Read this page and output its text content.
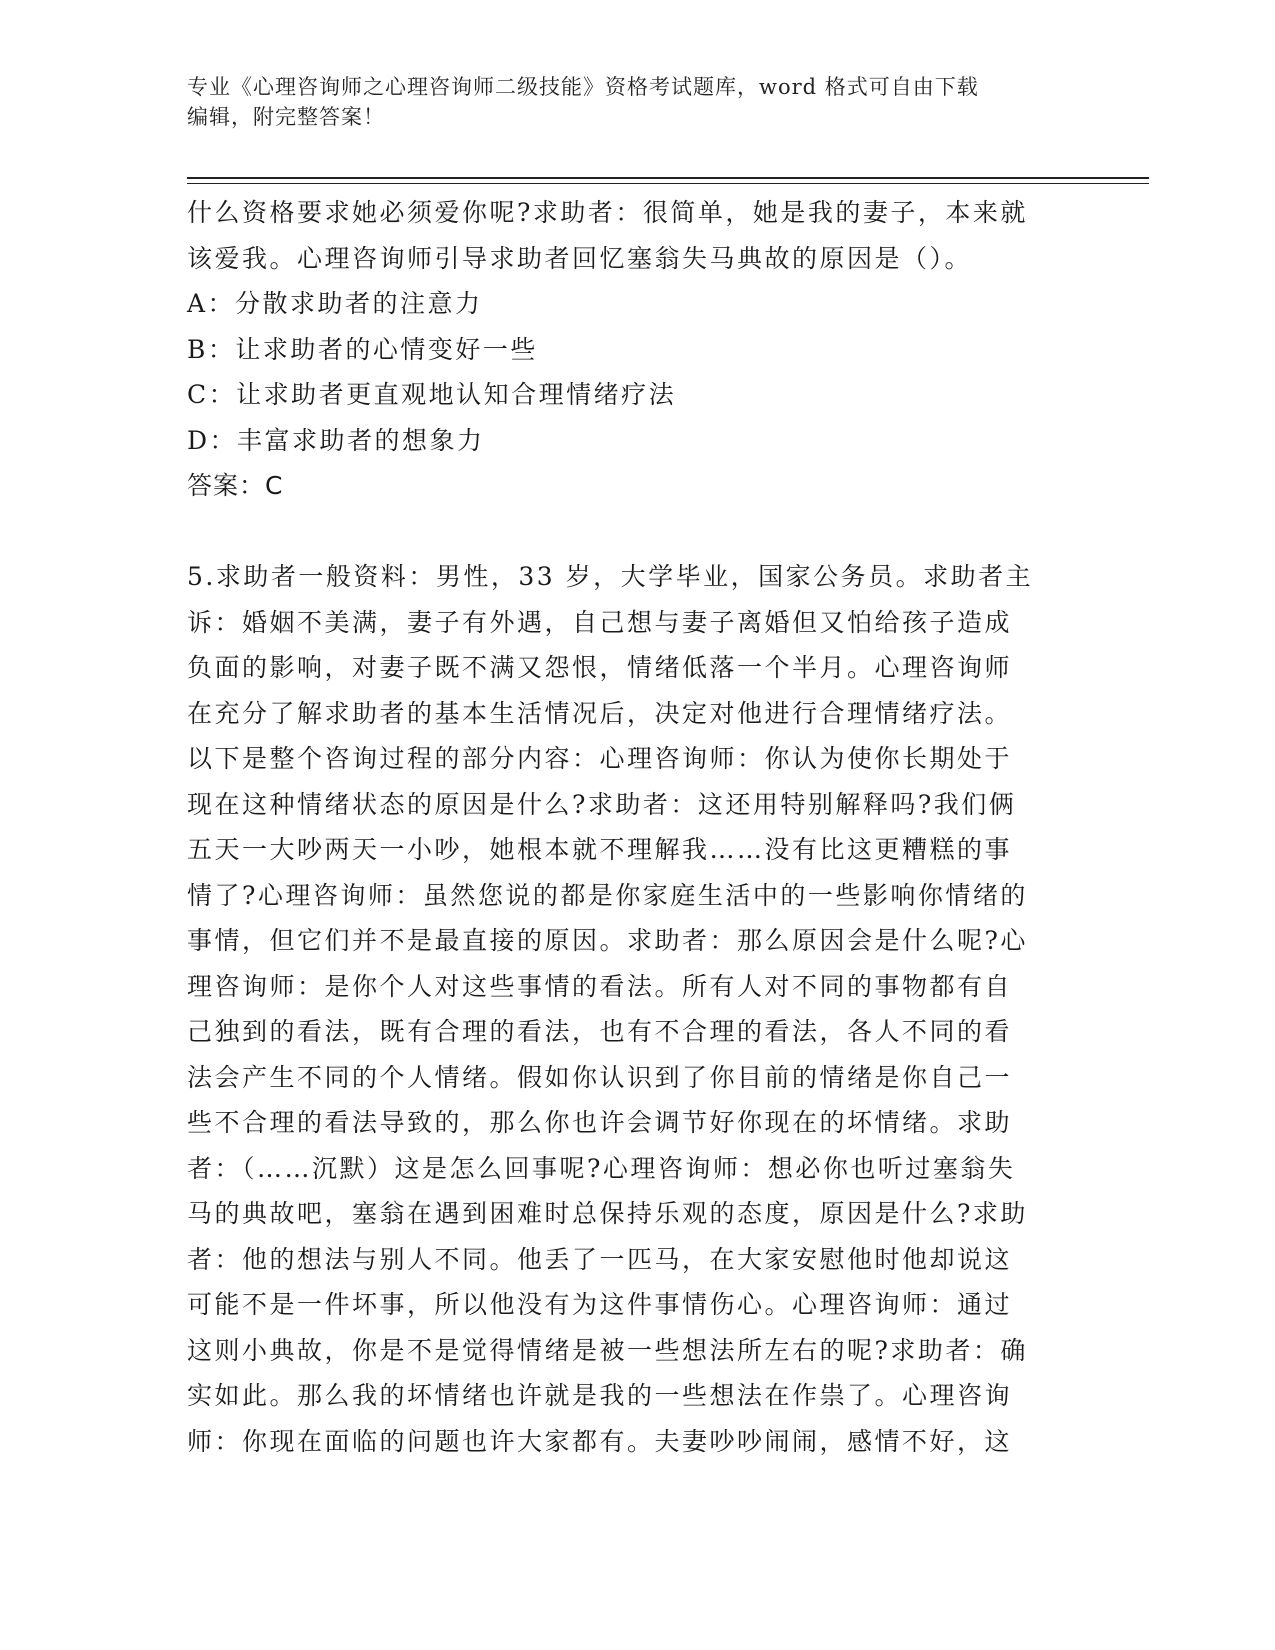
专业《心理咨询师之心理咨询师二级技能》资格考试题库，word 格式可自由下载
编辑，附完整答案！

什么资格要求她必须爱你呢?求助者：很简单，她是我的妻子，本来就

该爱我。心理咨询师引导求助者回忆塞翁失马典故的原因是（）。

A：分散求助者的注意力

B：让求助者的心情变好一些

C：让求助者更直观地认知合理情绪疗法

D：丰富求助者的想象力

答案：C

5.求助者一般资料：男性，33 岁，大学毕业，国家公务员。求助者主

诉：婚姻不美满，妻子有外遇，自己想与妻子离婚但又怕给孩子造成

负面的影响，对妻子既不满又怨恨，情绪低落一个半月。心理咨询师

在充分了解求助者的基本生活情况后，决定对他进行合理情绪疗法。

以下是整个咨询过程的部分内容：心理咨询师：你认为使你长期处于

现在这种情绪状态的原因是什么?求助者：这还用特别解释吗?我们俩

五天一大吵两天一小吵，她根本就不理解我……没有比这更糟糕的事

情了?心理咨询师：虽然您说的都是你家庭生活中的一些影响你情绪的

事情，但它们并不是最直接的原因。求助者：那么原因会是什么呢?心

理咨询师：是你个人对这些事情的看法。所有人对不同的事物都有自

己独到的看法，既有合理的看法，也有不合理的看法，各人不同的看

法会产生不同的个人情绪。假如你认识到了你目前的情绪是你自己一

些不合理的看法导致的，那么你也许会调节好你现在的坏情绪。求助

者：（……沉默）这是怎么回事呢?心理咨询师：想必你也听过塞翁失

马的典故吧，塞翁在遇到困难时总保持乐观的态度，原因是什么?求助

者：他的想法与别人不同。他丢了一匹马，在大家安慰他时他却说这

可能不是一件坏事，所以他没有为这件事情伤心。心理咨询师：通过

这则小典故，你是不是觉得情绪是被一些想法所左右的呢?求助者：确

实如此。那么我的坏情绪也许就是我的一些想法在作祟了。心理咨询

师：你现在面临的问题也许大家都有。夫妻吵吵闹闹，感情不好，这
